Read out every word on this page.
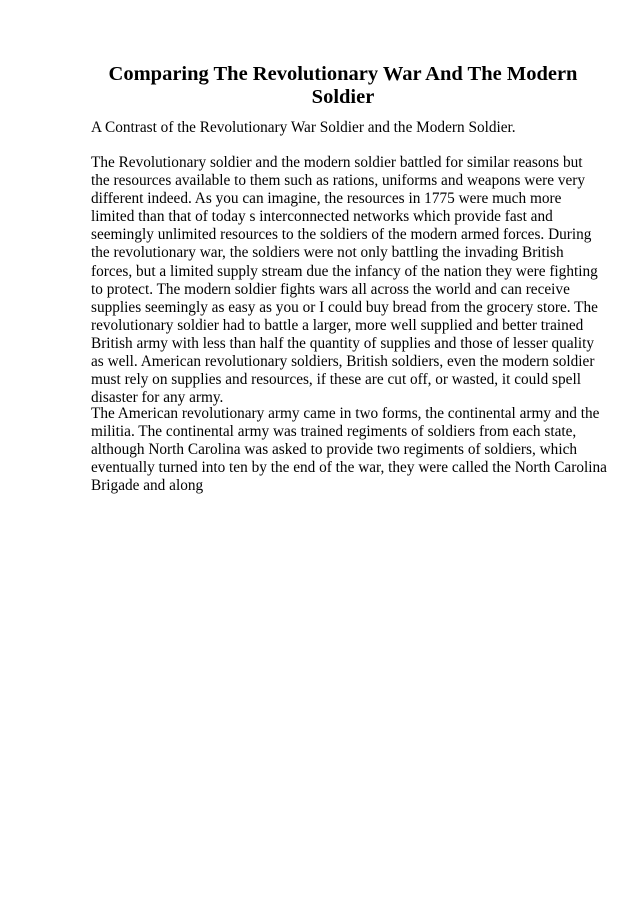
Comparing The Revolutionary War And The Modern
Soldier

A Contrast of the Revolutionary War Soldier and the Modern Soldier.

The Revolutionary soldier and the modern soldier battled for similar reasons but
the resources available to them such as rations, uniforms and weapons were very
different indeed. As you can imagine, the resources in 1775 were much more
limited than that of today s interconnected networks which provide fast and
seemingly unlimited resources to the soldiers of the modern armed forces. During
the revolutionary war, the soldiers were not only battling the invading British
forces, but a limited supply stream due the infancy of the nation they were fighting
to protect. The modern soldier fights wars all across the world and can receive
supplies seemingly as easy as you or I could buy bread from the grocery store. The
revolutionary soldier had to battle a larger, more well supplied and better trained
British army with less than half the quantity of supplies and those of lesser quality
as well. American revolutionary soldiers, British soldiers, even the modern soldier
must rely on supplies and resources, if these are cut off, or wasted, it could spell
disaster for any army.

The American revolutionary army came in two forms, the continental army and the
militia. The continental army was trained regiments of soldiers from each state,
although North Carolina was asked to provide two regiments of soldiers, which
eventually turned into ten by the end of the war, they were called the North Carolina
Brigade and along
